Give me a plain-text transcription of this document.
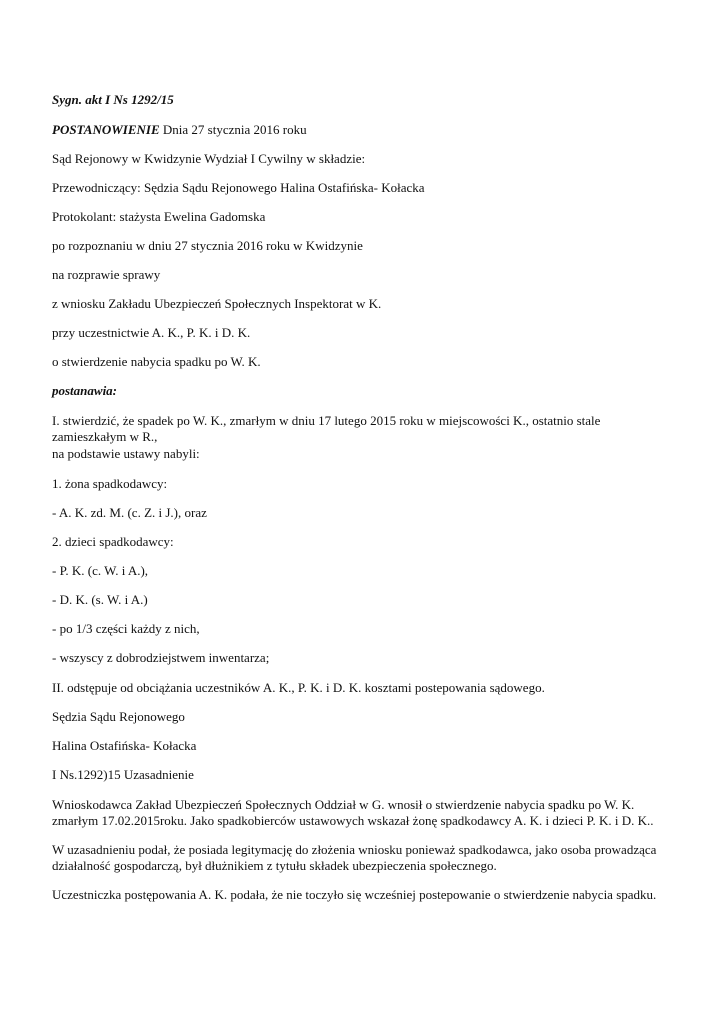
Sygn. akt I Ns 1292/15
POSTANOWIENIE Dnia 27 stycznia 2016 roku
Sąd Rejonowy w Kwidzynie Wydział I Cywilny w składzie:
Przewodniczący: Sędzia Sądu Rejonowego Halina Ostafińska- Kołacka
Protokolant: stażysta Ewelina Gadomska
po rozpoznaniu w dniu 27 stycznia 2016 roku w Kwidzynie
na rozprawie sprawy
z wniosku Zakładu Ubezpieczeń Społecznych Inspektorat w K.
przy uczestnictwie A. K., P. K. i D. K.
o stwierdzenie nabycia spadku po W. K.
postanawia:
I. stwierdzić, że spadek po W. K., zmarłym w dniu 17 lutego 2015 roku w miejscowości K., ostatnio stale zamieszkałym w R.,
na podstawie ustawy nabyli:
1. żona spadkodawcy:
- A. K. zd. M. (c. Z. i J.), oraz
2. dzieci spadkodawcy:
- P. K. (c. W. i A.),
- D. K. (s. W. i A.)
- po 1/3 części każdy z nich,
- wszyscy z dobrodziejstwem inwentarza;
II. odstępuje od obciążania uczestników A. K., P. K. i D. K. kosztami postepowania sądowego.
Sędzia Sądu Rejonowego
Halina Ostafińska- Kołacka
I Ns.1292)15 Uzasadnienie
Wnioskodawca Zakład Ubezpieczeń Społecznych Oddział w G. wnosił o stwierdzenie nabycia spadku po W. K. zmarłym 17.02.2015roku. Jako spadkobierców ustawowych wskazał żonę spadkodawcy A. K. i dzieci P. K. i D. K..
W uzasadnieniu podał, że posiada legitymację do złożenia wniosku ponieważ spadkodawca, jako osoba prowadząca działalność gospodarczą, był dłużnikiem z tytułu składek ubezpieczenia społecznego.
Uczestniczka postępowania A. K. podała, że nie toczyło się wcześniej postepowanie o stwierdzenie nabycia spadku.
